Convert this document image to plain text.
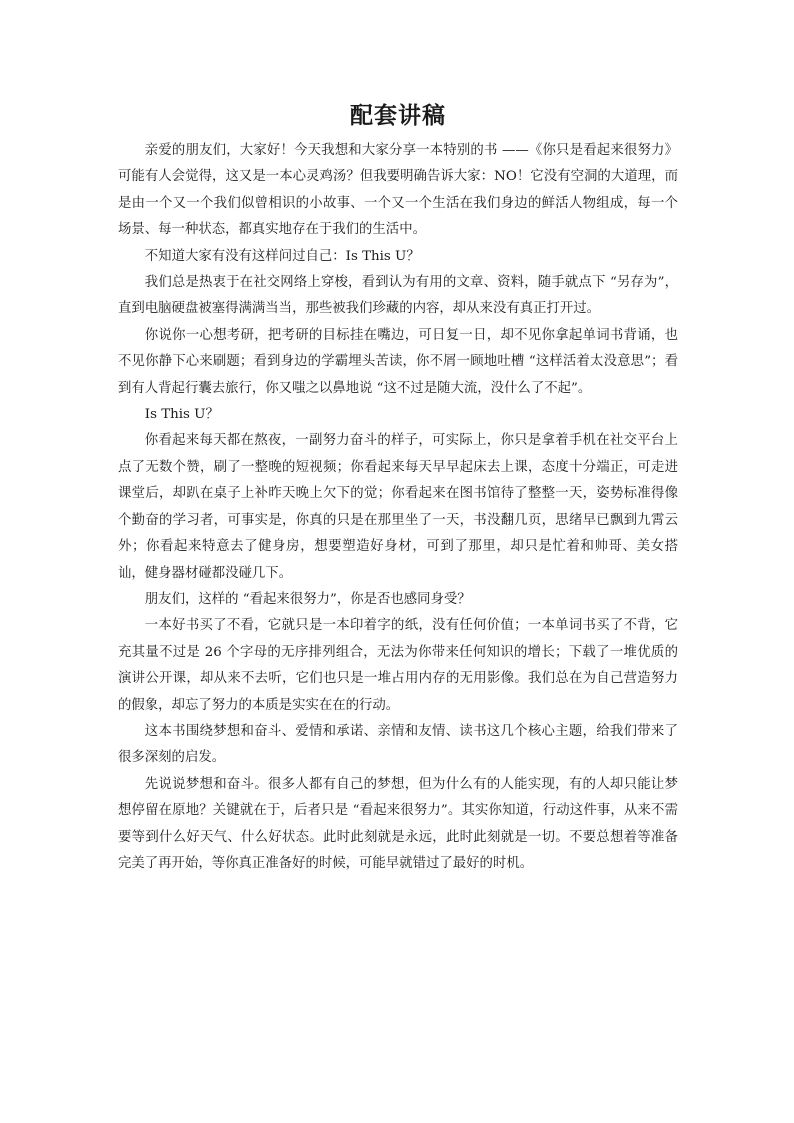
配套讲稿

亲爱的朋友们，大家好！今天我想和大家分享一本特别的书 ——《你只是看起来很努力》 可能有人会觉得，这又是一本心灵鸡汤？但我要明确告诉大家：NO！它没有空洞的大道理，而是由一个又一个我们似曾相识的小故事、一个又一个生活在我们身边的鲜活人物组成，每一个场景、每一种状态，都真实地存在于我们的生活中。

不知道大家有没有这样问过自己：Is This U？

我们总是热衷于在社交网络上穿梭，看到认为有用的文章、资料，随手就点下 “另存为”，直到电脑硬盘被塞得满满当当，那些被我们珍藏的内容，却从来没有真正打开过。

你说你一心想考研，把考研的目标挂在嘴边，可日复一日，却不见你拿起单词书背诵，也不见你静下心来刷题；看到身边的学霸埋头苦读，你不屑一顾地吐槽 “这样活着太没意思”；看到有人背起行囊去旅行，你又嗤之以鼻地说 “这不过是随大流，没什么了不起”。

Is This U？

你看起来每天都在熬夜，一副努力奋斗的样子，可实际上，你只是拿着手机在社交平台上点了无数个赞，刷了一整晚的短视频；你看起来每天早早起床去上课，态度十分端正，可走进课堂后，却趴在桌子上补昨天晚上欠下的觉；你看起来在图书馆待了整整一天，姿势标准得像个勤奋的学习者，可事实是，你真的只是在那里坐了一天，书没翻几页，思绪早已飘到九霄云外；你看起来特意去了健身房，想要塑造好身材，可到了那里，却只是忙着和帅哥、美女搭讪，健身器材碰都没碰几下。

朋友们，这样的 “看起来很努力”，你是否也感同身受？

一本好书买了不看，它就只是一本印着字的纸，没有任何价值；一本单词书买了不背，它充其量不过是 26 个字母的无序排列组合，无法为你带来任何知识的增长；下载了一堆优质的演讲公开课，却从来不去听，它们也只是一堆占用内存的无用影像。我们总在为自己营造努力的假象，却忘了努力的本质是实实在在的行动。

这本书围绕梦想和奋斗、爱情和承诺、亲情和友情、读书这几个核心主题，给我们带来了很多深刻的启发。

先说说梦想和奋斗。很多人都有自己的梦想，但为什么有的人能实现，有的人却只能让梦想停留在原地？关键就在于，后者只是 “看起来很努力”。其实你知道，行动这件事，从来不需要等到什么好天气、什么好状态。此时此刻就是永远，此时此刻就是一切。不要总想着等准备完美了再开始，等你真正准备好的时候，可能早就错过了最好的时机。
